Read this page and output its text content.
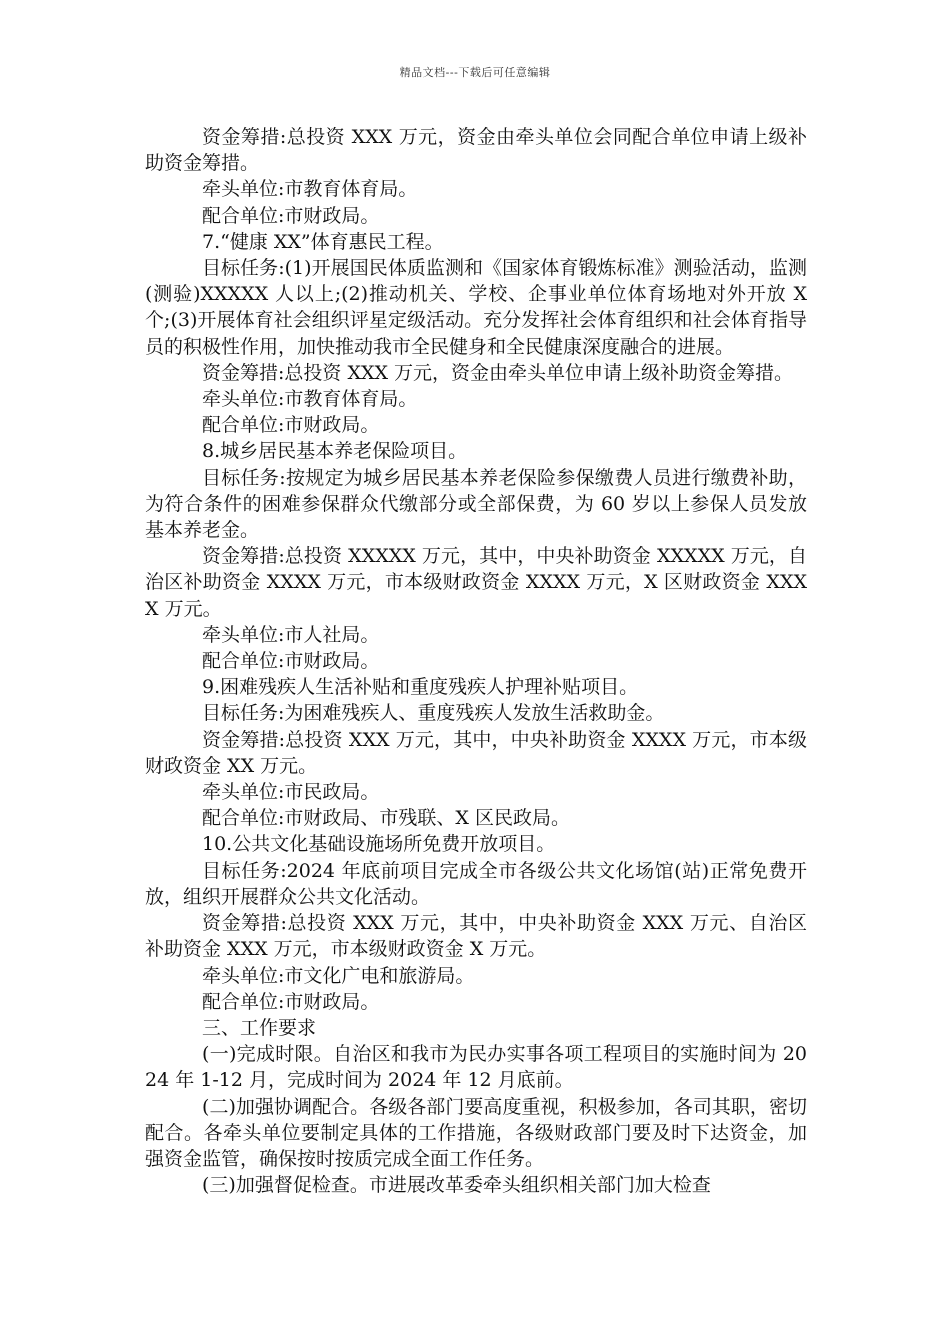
精品文档---下载后可任意编辑

资金筹措:总投资 XXX 万元，资金由牵头单位会同配合单位申请上级补助资金筹措。

牵头单位:市教育体育局。

配合单位:市财政局。

7.“健康 XX”体育惠民工程。

目标任务:(1)开展国民体质监测和《国家体育锻炼标准》测验活动，监测(测验)XXXXX 人以上;(2)推动机关、学校、企事业单位体育场地对外开放 X 个;(3)开展体育社会组织评星定级活动。充分发挥社会体育组织和社会体育指导员的积极性作用，加快推动我市全民健身和全民健康深度融合的进展。

资金筹措:总投资 XXX 万元，资金由牵头单位申请上级补助资金筹措。

牵头单位:市教育体育局。

配合单位:市财政局。

8.城乡居民基本养老保险项目。

目标任务:按规定为城乡居民基本养老保险参保缴费人员进行缴费补助，为符合条件的困难参保群众代缴部分或全部保费，为 60 岁以上参保人员发放基本养老金。

资金筹措:总投资 XXXXX 万元，其中，中央补助资金 XXXXX 万元，自治区补助资金 XXXX 万元，市本级财政资金 XXXX 万元，X 区财政资金 XXXX 万元。

牵头单位:市人社局。

配合单位:市财政局。

9.困难残疾人生活补贴和重度残疾人护理补贴项目。

目标任务:为困难残疾人、重度残疾人发放生活救助金。

资金筹措:总投资 XXX 万元，其中，中央补助资金 XXXX 万元，市本级财政资金 XX 万元。

牵头单位:市民政局。

配合单位:市财政局、市残联、X 区民政局。

10.公共文化基础设施场所免费开放项目。

目标任务:2024 年底前项目完成全市各级公共文化场馆(站)正常免费开放，组织开展群众公共文化活动。

资金筹措:总投资 XXX 万元，其中，中央补助资金 XXX 万元、自治区补助资金 XXX 万元，市本级财政资金 X 万元。

牵头单位:市文化广电和旅游局。

配合单位:市财政局。

三、工作要求

(一)完成时限。自治区和我市为民办实事各项工程项目的实施时间为 2024 年 1-12 月，完成时间为 2024 年 12 月底前。

(二)加强协调配合。各级各部门要高度重视，积极参加，各司其职，密切配合。各牵头单位要制定具体的工作措施，各级财政部门要及时下达资金，加强资金监管，确保按时按质完成全面工作任务。

(三)加强督促检查。市进展改革委牵头组织相关部门加大检查
